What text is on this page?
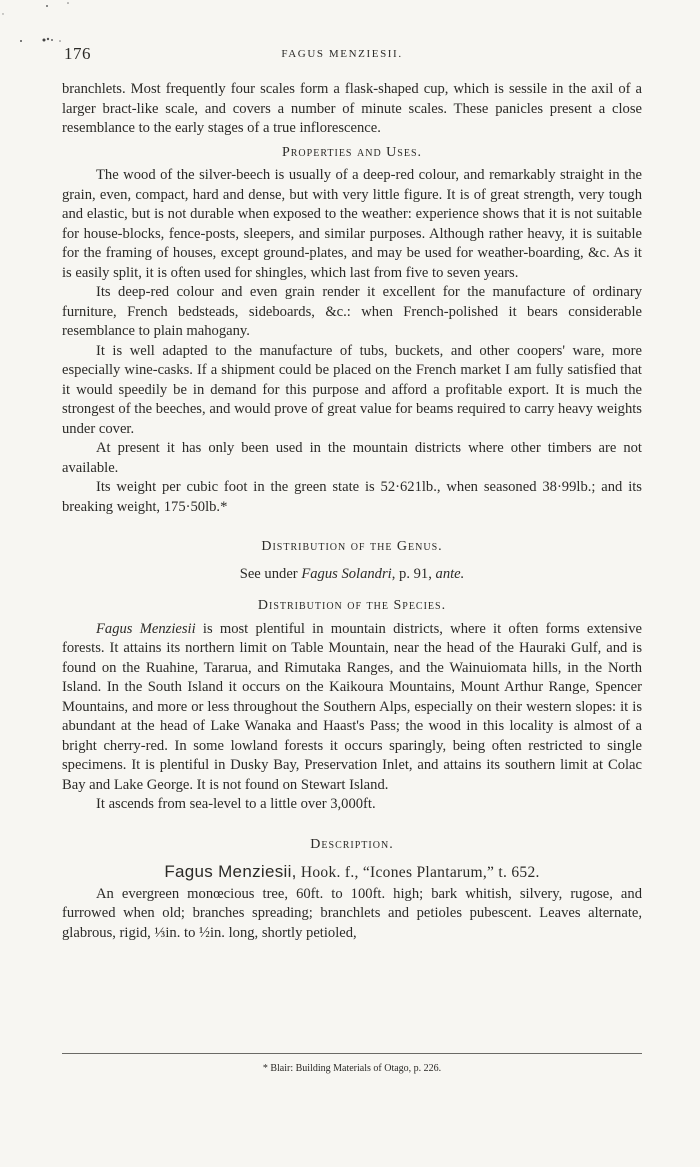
176	FAGUS MENZIESII.

branchlets. Most frequently four scales form a flask-shaped cup, which is sessile in the axil of a larger bract-like scale, and covers a number of minute scales. These panicles present a close resemblance to the early stages of a true inflorescence.

Properties and Uses.

The wood of the silver-beech is usually of a deep-red colour, and remarkably straight in the grain, even, compact, hard and dense, but with very little figure. It is of great strength, very tough and elastic, but is not durable when exposed to the weather: experience shows that it is not suitable for house-blocks, fence-posts, sleepers, and similar purposes. Although rather heavy, it is suitable for the framing of houses, except ground-plates, and may be used for weather-boarding, &c. As it is easily split, it is often used for shingles, which last from five to seven years.

Its deep-red colour and even grain render it excellent for the manufacture of ordinary furniture, French bedsteads, sideboards, &c.: when French-polished it bears considerable resemblance to plain mahogany.

It is well adapted to the manufacture of tubs, buckets, and other coopers' ware, more especially wine-casks. If a shipment could be placed on the French market I am fully satisfied that it would speedily be in demand for this purpose and afford a profitable export. It is much the strongest of the beeches, and would prove of great value for beams required to carry heavy weights under cover.

At present it has only been used in the mountain districts where other timbers are not available.

Its weight per cubic foot in the green state is 52·621lb., when seasoned 38·99lb.; and its breaking weight, 175·50lb.*

Distribution of the Genus.
See under Fagus Solandri, p. 91, ante.
Distribution of the Species.

Fagus Menziesii is most plentiful in mountain districts, where it often forms extensive forests. It attains its northern limit on Table Mountain, near the head of the Hauraki Gulf, and is found on the Ruahine, Tararua, and Rimutaka Ranges, and the Wainuiomata hills, in the North Island. In the South Island it occurs on the Kaikoura Mountains, Mount Arthur Range, Spencer Mountains, and more or less throughout the Southern Alps, especially on their western slopes: it is abundant at the head of Lake Wanaka and Haast's Pass; the wood in this locality is almost of a bright cherry-red. In some lowland forests it occurs sparingly, being often restricted to single specimens. It is plentiful in Dusky Bay, Preservation Inlet, and attains its southern limit at Colac Bay and Lake George. It is not found on Stewart Island.

It ascends from sea-level to a little over 3,000ft.

Description.
Fagus Menziesii, Hook. f., “Icones Plantarum,” t. 652.

An evergreen monœcious tree, 60ft. to 100ft. high; bark whitish, silvery, rugose, and furrowed when old; branches spreading; branchlets and petioles pubescent. Leaves alternate, glabrous, rigid, ⅓in. to ½in. long, shortly petioled,

* Blair: Building Materials of Otago, p. 226.
